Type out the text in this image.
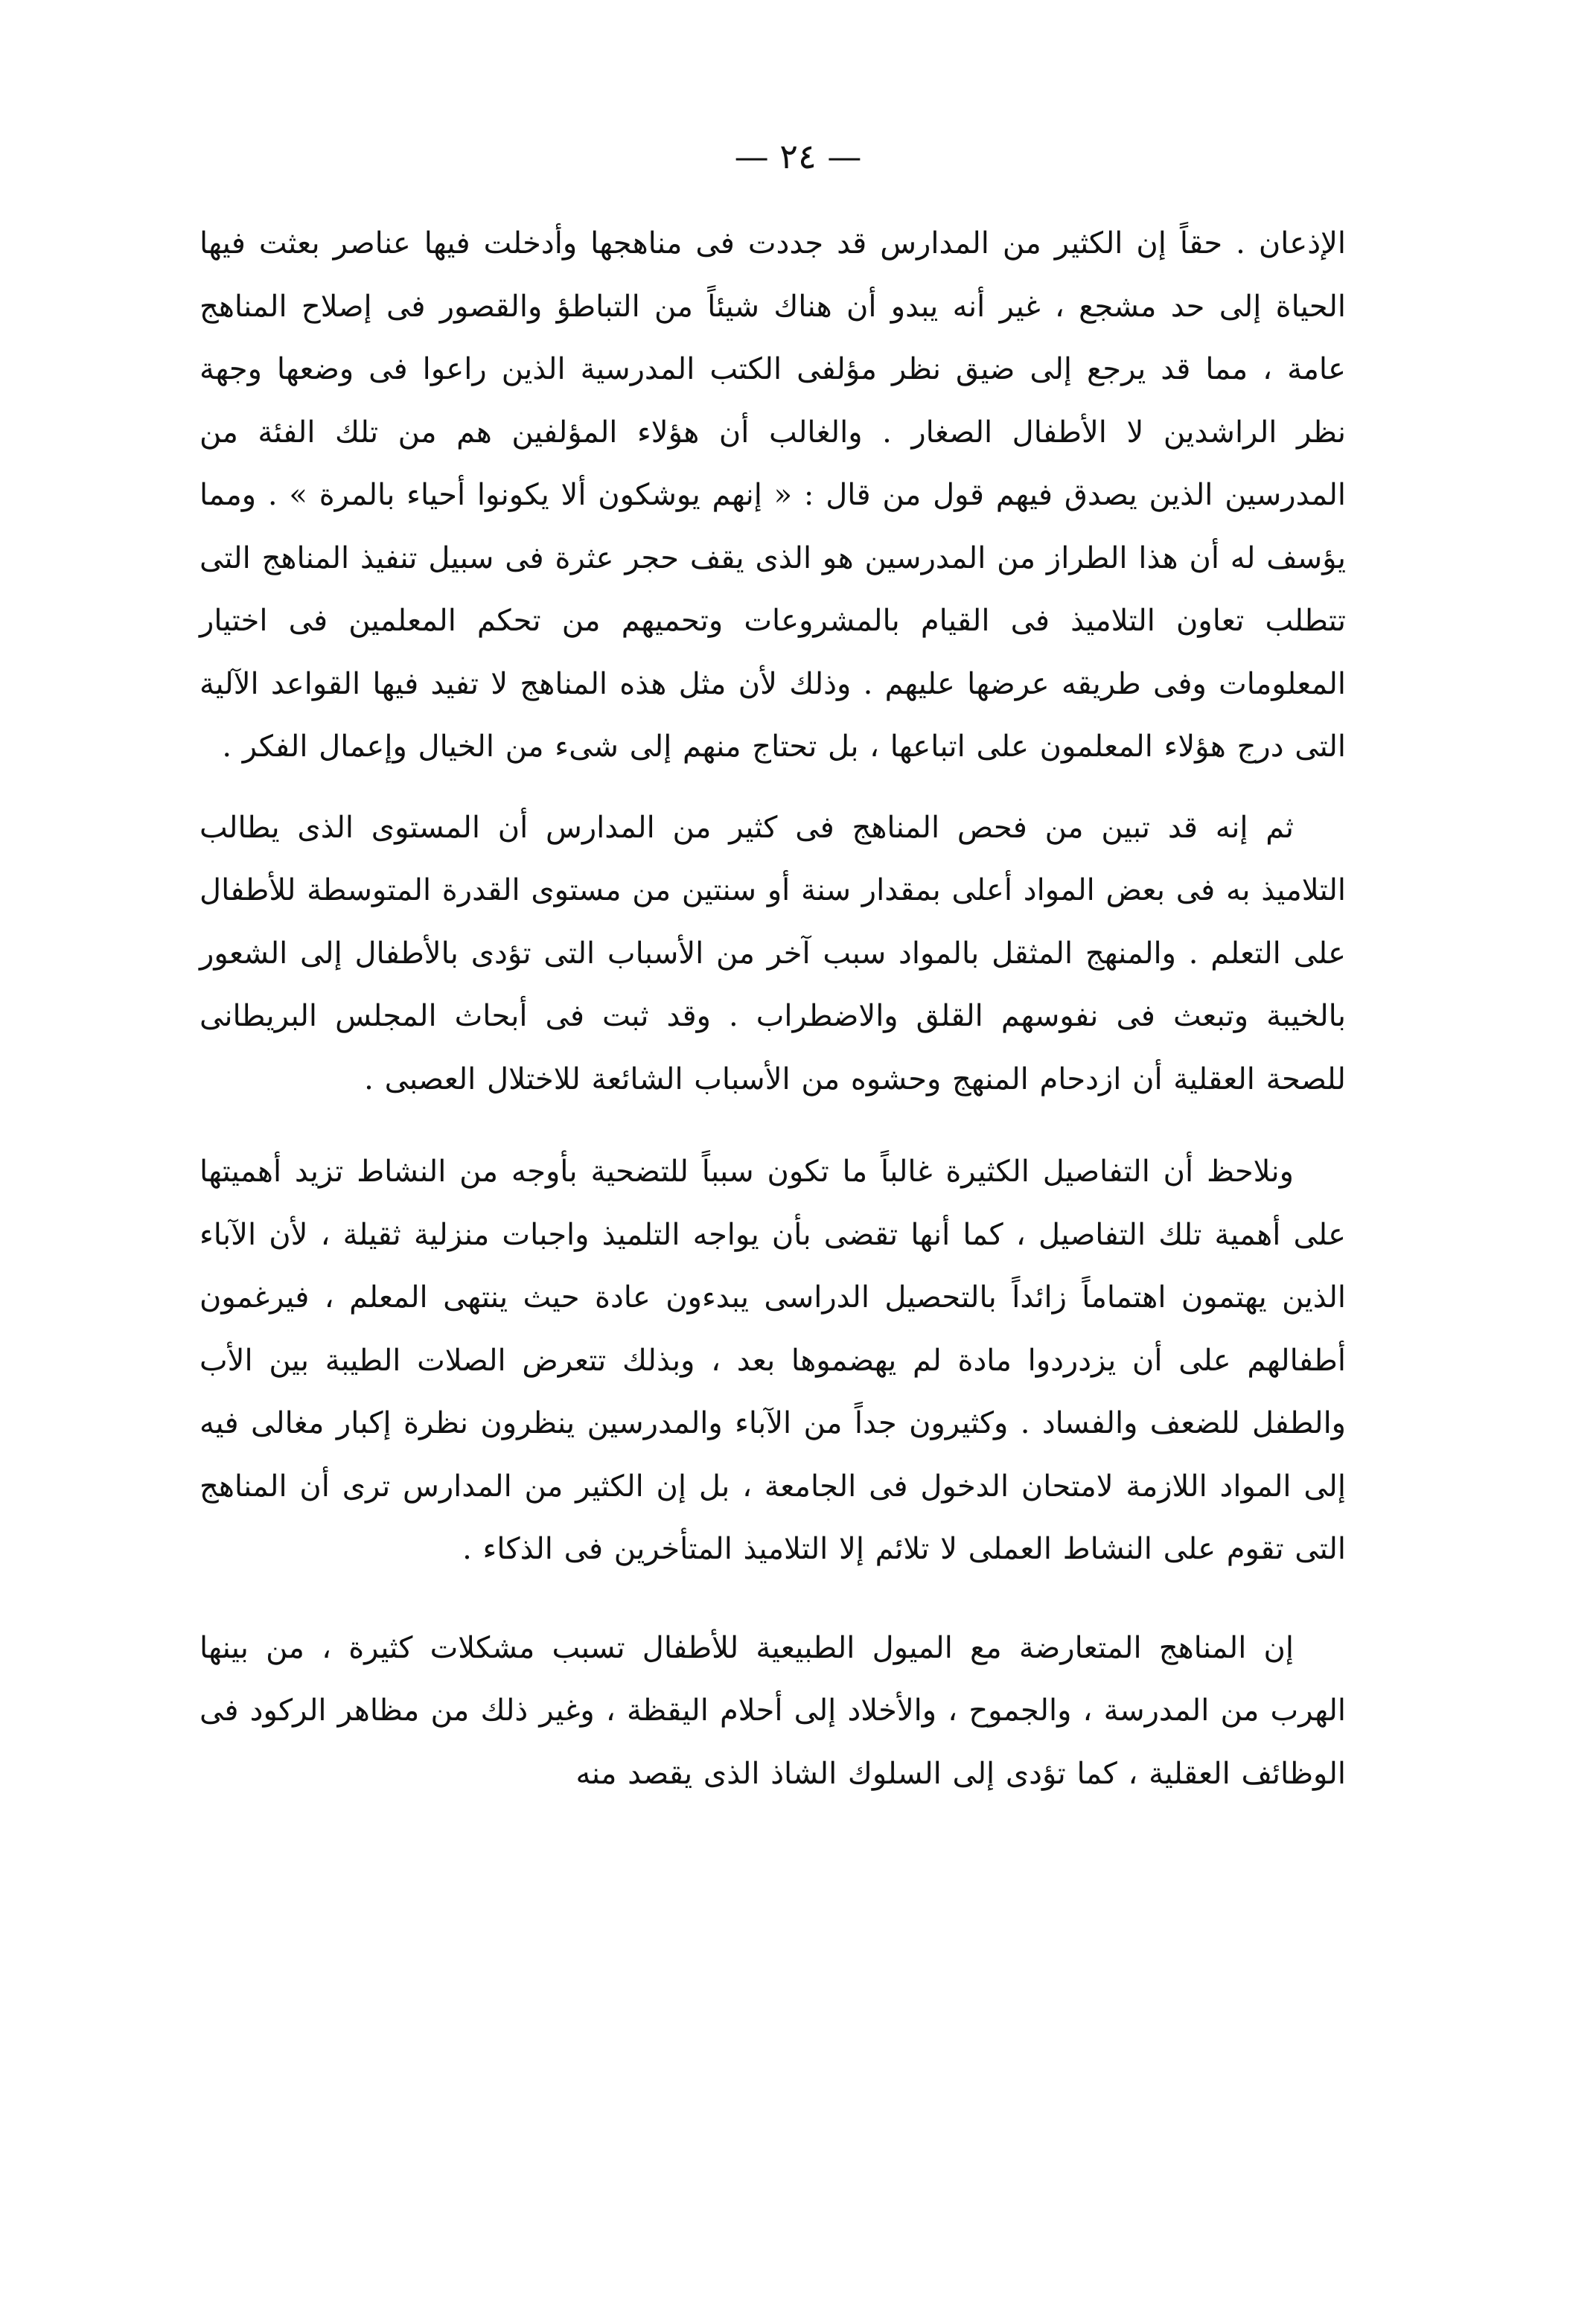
— ٢٤ —

الإذعان . حقاً إن الكثير من المدارس قد جددت فى مناهجها وأدخلت فيها عناصر بعثت فيها الحياة إلى حد مشجع ، غير أنه يبدو أن هناك شيئاً من التباطؤ والقصور فى إصلاح المناهج عامة ، مما قد يرجع إلى ضيق نظر مؤلفى الكتب المدرسية الذين راعوا فى وضعها وجهة نظر الراشدين لا الأطفال الصغار . والغالب أن هؤلاء المؤلفين هم من تلك الفئة من المدرسين الذين يصدق فيهم قول من قال : « إنهم يوشكون ألا يكونوا أحياء بالمرة » . ومما يؤسف له أن هذا الطراز من المدرسين هو الذى يقف حجر عثرة فى سبيل تنفيذ المناهج التى تتطلب تعاون التلاميذ فى القيام بالمشروعات وتحميهم من تحكم المعلمين فى اختيار المعلومات وفى طريقه عرضها عليهم . وذلك لأن مثل هذه المناهج لا تفيد فيها القواعد الآلية التى درج هؤلاء المعلمون على اتباعها ، بل تحتاج منهم إلى شىء من الخيال وإعمال الفكر .

ثم إنه قد تبين من فحص المناهج فى كثير من المدارس أن المستوى الذى يطالب التلاميذ به فى بعض المواد أعلى بمقدار سنة أو سنتين من مستوى القدرة المتوسطة للأطفال على التعلم . والمنهج المثقل بالمواد سبب آخر من الأسباب التى تؤدى بالأطفال إلى الشعور بالخيبة وتبعث فى نفوسهم القلق والاضطراب . وقد ثبت فى أبحاث المجلس البريطانى للصحة العقلية أن ازدحام المنهج وحشوه من الأسباب الشائعة للاختلال العصبى .

ونلاحظ أن التفاصيل الكثيرة غالباً ما تكون سبباً للتضحية بأوجه من النشاط تزيد أهميتها على أهمية تلك التفاصيل ، كما أنها تقضى بأن يواجه التلميذ واجبات منزلية ثقيلة ، لأن الآباء الذين يهتمون اهتماماً زائداً بالتحصيل الدراسى يبدءون عادة حيث ينتهى المعلم ، فيرغمون أطفالهم على أن يزدردوا مادة لم يهضموها بعد ، وبذلك تتعرض الصلات الطيبة بين الأب والطفل للضعف والفساد . وكثيرون جداً من الآباء والمدرسين ينظرون نظرة إكبار مغالى فيه إلى المواد اللازمة لامتحان الدخول فى الجامعة ، بل إن الكثير من المدارس ترى أن المناهج التى تقوم على النشاط العملى لا تلائم إلا التلاميذ المتأخرين فى الذكاء .

إن المناهج المتعارضة مع الميول الطبيعية للأطفال تسبب مشكلات كثيرة ، من بينها الهرب من المدرسة ، والجموح ، والأخلاد إلى أحلام اليقظة ، وغير ذلك من مظاهر الركود فى الوظائف العقلية ، كما تؤدى إلى السلوك الشاذ الذى يقصد منه
